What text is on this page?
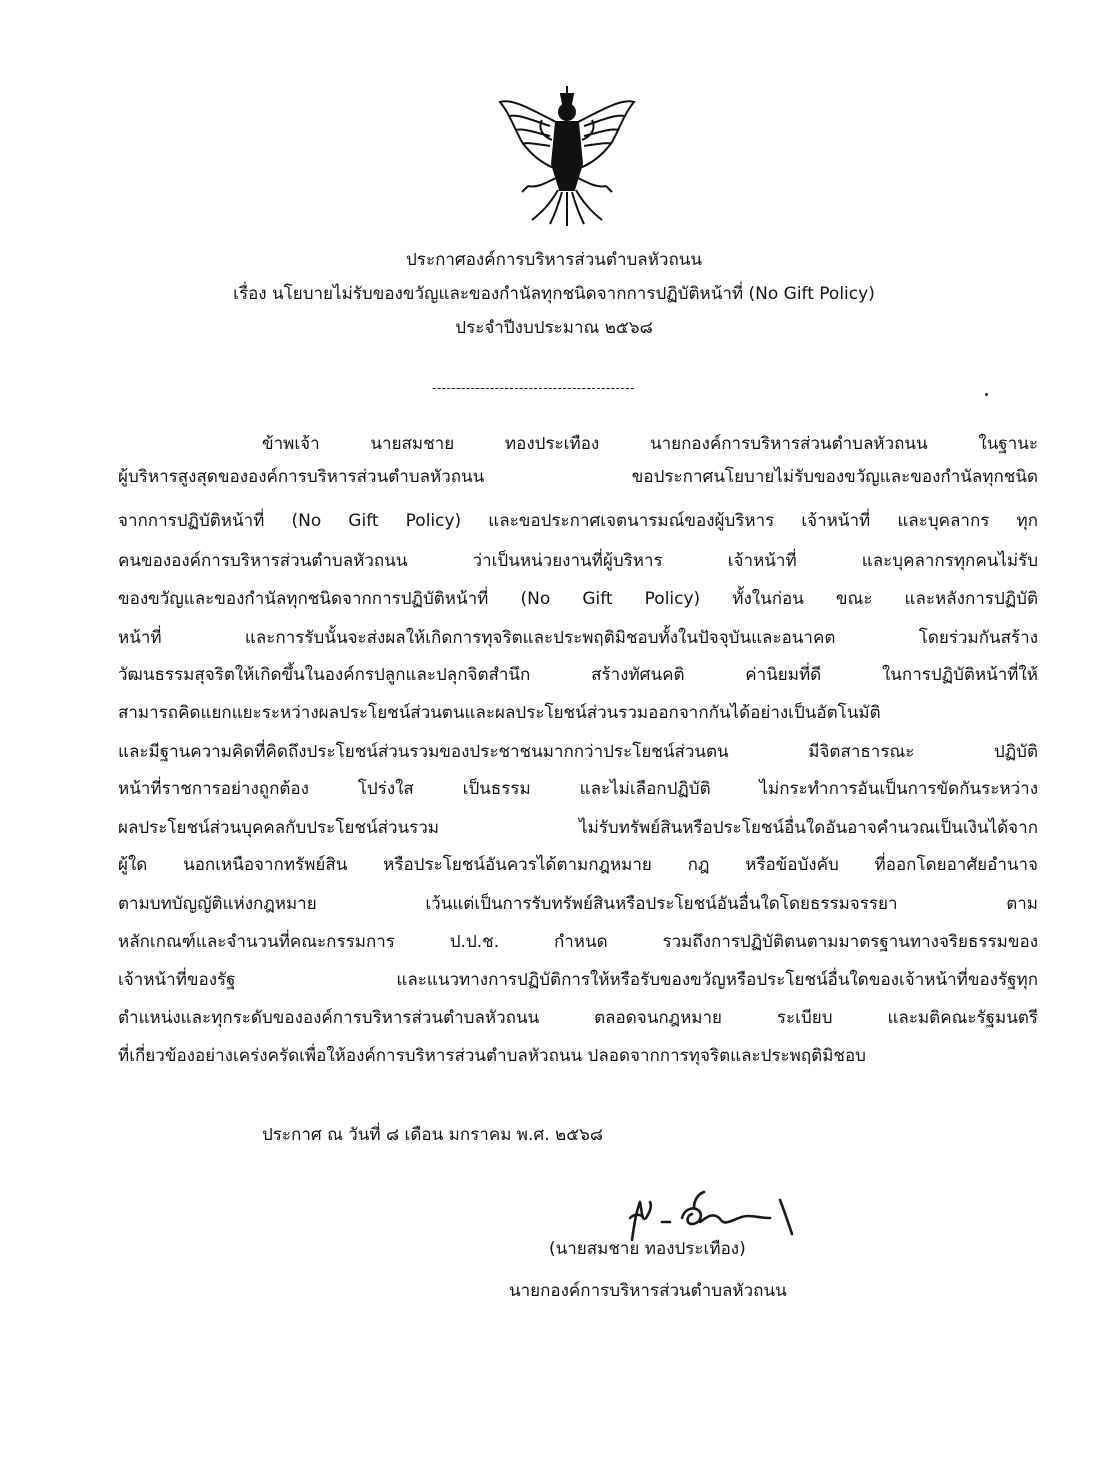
ประกาศองค์การบริหารส่วนตำบลหัวถนน
เรื่อง นโยบายไม่รับของขวัญและของกำนัลทุกชนิดจากการปฏิบัติหน้าที่ (No Gift Policy)
ประจำปีงบประมาณ ๒๕๖๘
------------------------------------------
ข้าพเจ้า นายสมชาย ทองประเทือง นายกองค์การบริหารส่วนตำบลหัวถนน ในฐานะ
ผู้บริหารสูงสุดขององค์การบริหารส่วนตำบลหัวถนน ขอประกาศนโยบายไม่รับของขวัญและของกำนัลทุกชนิด
จากการปฏิบัติหน้าที่ (No Gift Policy) และขอประกาศเจตนารมณ์ของผู้บริหาร เจ้าหน้าที่ และบุคลากร ทุก
คนขององค์การบริหารส่วนตำบลหัวถนน ว่าเป็นหน่วยงานที่ผู้บริหาร เจ้าหน้าที่ และบุคลากรทุกคนไม่รับ
ของขวัญและของกำนัลทุกชนิดจากการปฏิบัติหน้าที่ (No Gift Policy) ทั้งในก่อน ขณะ และหลังการปฏิบัติ
หน้าที่ และการรับนั้นจะส่งผลให้เกิดการทุจริตและประพฤติมิชอบทั้งในปัจจุบันและอนาคต โดยร่วมกันสร้าง
วัฒนธรรมสุจริตให้เกิดขึ้นในองค์กรปลูกและปลุกจิตสำนึก สร้างทัศนคติ ค่านิยมที่ดี ในการปฏิบัติหน้าที่ให้
สามารถคิดแยกแยะระหว่างผลประโยชน์ส่วนตนและผลประโยชน์ส่วนรวมออกจากกันได้อย่างเป็นอัตโนมัติ
และมีฐานความคิดที่คิดถึงประโยชน์ส่วนรวมของประชาชนมากกว่าประโยชน์ส่วนตน มีจิตสาธารณะ ปฏิบัติ
หน้าที่ราชการอย่างถูกต้อง โปร่งใส เป็นธรรม และไม่เลือกปฏิบัติ ไม่กระทำการอันเป็นการขัดกันระหว่าง
ผลประโยชน์ส่วนบุคคลกับประโยชน์ส่วนรวม ไม่รับทรัพย์สินหรือประโยชน์อื่นใดอันอาจคำนวณเป็นเงินได้จาก
ผู้ใด นอกเหนือจากทรัพย์สิน หรือประโยชน์อันควรได้ตามกฎหมาย กฎ หรือข้อบังคับ ที่ออกโดยอาศัยอำนาจ
ตามบทบัญญัติแห่งกฎหมาย เว้นแต่เป็นการรับทรัพย์สินหรือประโยชน์อันอื่นใดโดยธรรมจรรยา ตาม
หลักเกณฑ์และจำนวนที่คณะกรรมการ ป.ป.ช. กำหนด รวมถึงการปฏิบัติตนตามมาตรฐานทางจริยธรรมของ
เจ้าหน้าที่ของรัฐ และแนวทางการปฏิบัติการให้หรือรับของขวัญหรือประโยชน์อื่นใดของเจ้าหน้าที่ของรัฐทุก
ตำแหน่งและทุกระดับขององค์การบริหารส่วนตำบลหัวถนน ตลอดจนกฎหมาย ระเบียบ และมติคณะรัฐมนตรี
ที่เกี่ยวข้องอย่างเคร่งครัดเพื่อให้องค์การบริหารส่วนตำบลหัวถนน ปลอดจากการทุจริตและประพฤติมิชอบ
ประกาศ ณ วันที่ ๘ เดือน มกราคม พ.ศ. ๒๕๖๘
(นายสมชาย ทองประเทือง)
นายกองค์การบริหารส่วนตำบลหัวถนน
